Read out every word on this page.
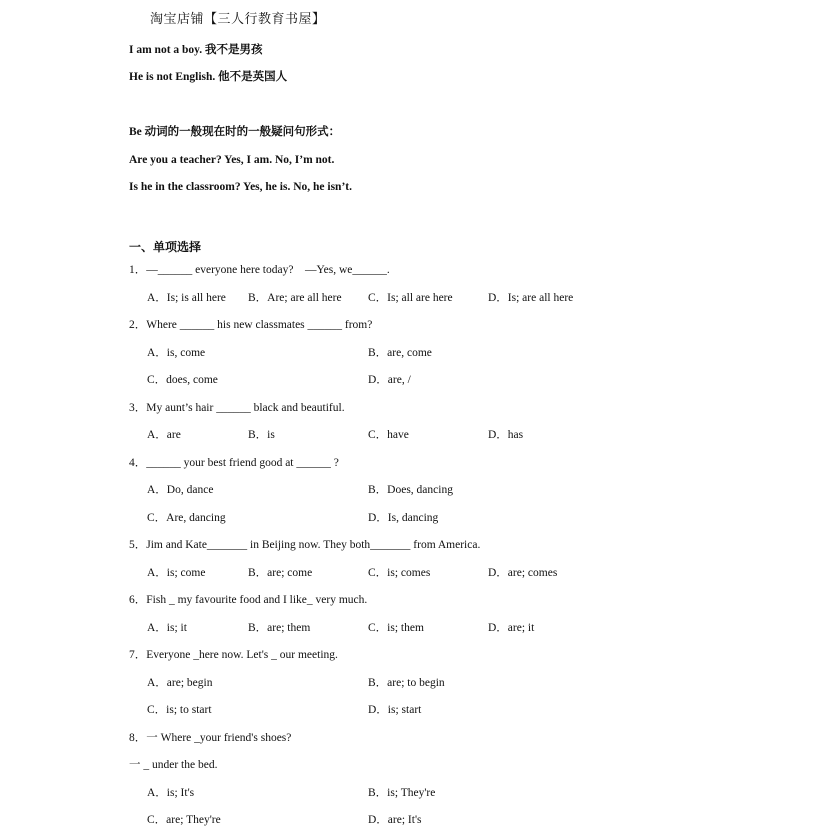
淘宝店铺【三人行教育书屋】
I am not a boy. 我不是男孩
He is not English. 他不是英国人
Be 动词的一般现在时的一般疑问句形式：
Are you a teacher? Yes, I am. No, I’m not.
Is he in the classroom? Yes, he is. No, he isn’t.
一、单项选择
1．—______ everyone here today?　—Yes, we______.
A．Is; is all here B．Are; are all here C．Is; all are here	D．Is; are all here
2．Where ______ his new classmates ______ from?
A．is, come	B．are, come
C．does, come	D．are, /
3．My aunt’s hair ______ black and beautiful.
A．are	B．is	C．have	D．has
4．______ your best friend good at ______ ?
A．Do, dance	B．Does, dancing
C．Are, dancing	D．Is, dancing
5．Jim and Kate_______ in Beijing now. They both_______ from America.
A．is; come	B．are; come	C．is; comes	D．are; comes
6．Fish _ my favourite food and I like_ very much.
A．is; it	B．are; them	C．is; them	D．are; it
7．Everyone _here now. Let's _ our meeting.
A．are; begin	B．are; to begin
C．is; to start	D．is; start
8．一 Where _your friend's shoes?
一 _ under the bed.
A．is; It's	B．is; They're
C．are; They're	D．are; It's
